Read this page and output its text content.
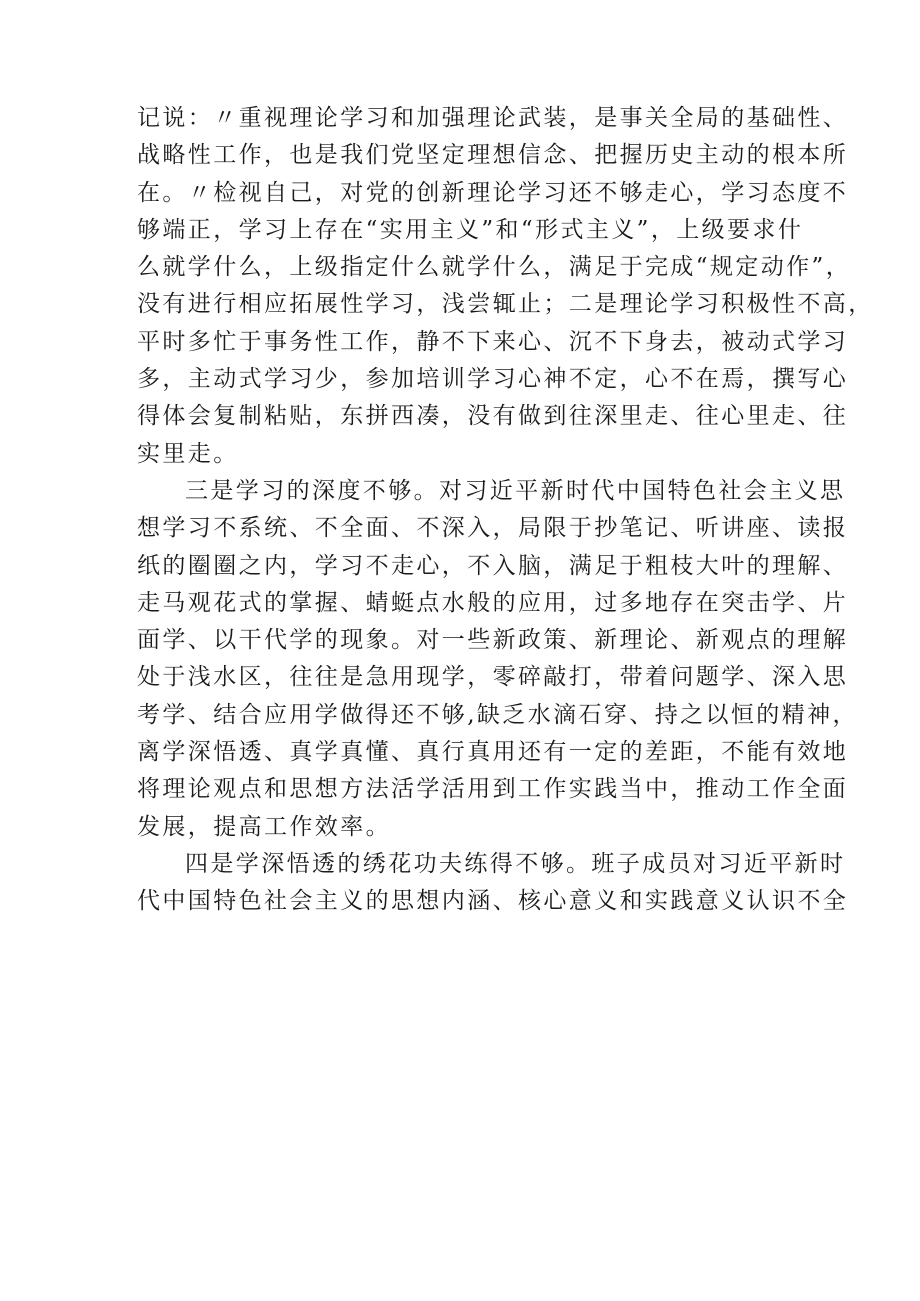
记说：〃重视理论学习和加强理论武装，是事关全局的基础性、
战略性工作，也是我们党坚定理想信念、把握历史主动的根本所
在。〃检视自己，对党的创新理论学习还不够走心，学习态度不
够端正，学习上存在“实用主义”和“形式主义”，上级要求什
么就学什么，上级指定什么就学什么，满足于完成“规定动作”，
没有进行相应拓展性学习，浅尝辄止；二是理论学习积极性不高，
平时多忙于事务性工作，静不下来心、沉不下身去，被动式学习
多，主动式学习少，参加培训学习心神不定，心不在焉，撰写心
得体会复制粘贴，东拼西凑，没有做到往深里走、往心里走、往
实里走。
三是学习的深度不够。对习近平新时代中国特色社会主义思
想学习不系统、不全面、不深入，局限于抄笔记、听讲座、读报
纸的圈圈之内，学习不走心，不入脑，满足于粗枝大叶的理解、
走马观花式的掌握、蜻蜓点水般的应用，过多地存在突击学、片
面学、以干代学的现象。对一些新政策、新理论、新观点的理解
处于浅水区，往往是急用现学，零碎敲打，带着问题学、深入思
考学、结合应用学做得还不够,缺乏水滴石穿、持之以恒的精神，
离学深悟透、真学真懂、真行真用还有一定的差距，不能有效地
将理论观点和思想方法活学活用到工作实践当中，推动工作全面
发展，提高工作效率。
四是学深悟透的绣花功夫练得不够。班子成员对习近平新时
代中国特色社会主义的思想内涵、核心意义和实践意义认识不全
